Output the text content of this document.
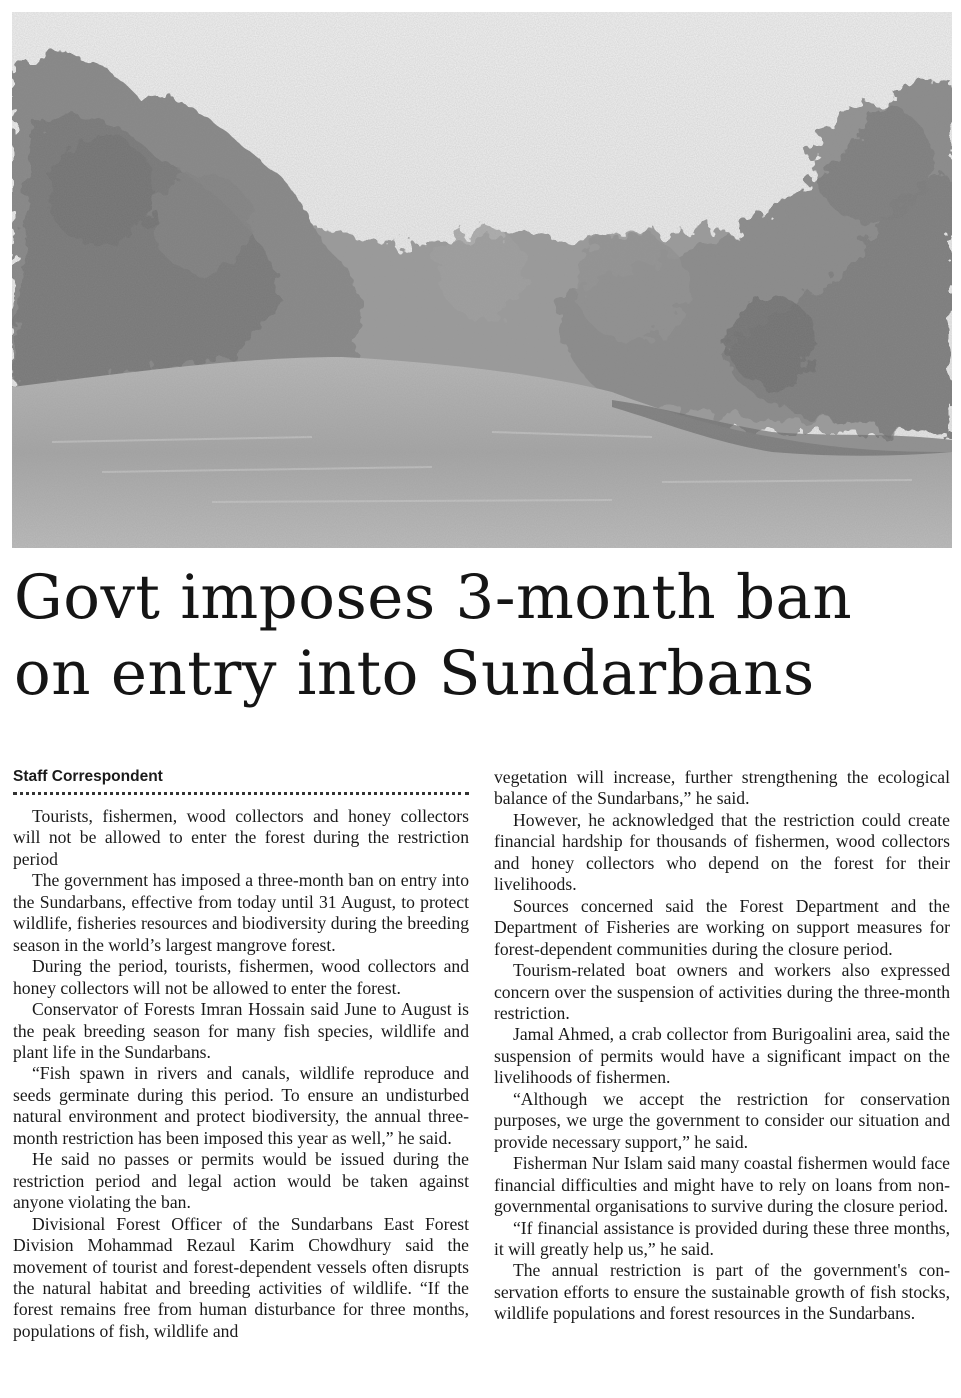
Govt imposes 3-month ban
on entry into Sundarbans
Staff Correspondent

Tourists, fishermen, wood collectors and honey collectors will not be allowed to enter the forest during the restriction period

The government has imposed a three-month ban on entry into the Sundarbans, effective from today until 31 August, to protect wildlife, fisheries resources and biodiversity during the breeding season in the world’s largest mangrove forest.

During the period, tourists, fishermen, wood collectors and honey collectors will not be allowed to enter the forest.

Conservator of Forests Imran Hossain said June to August is the peak breeding season for many fish species, wildlife and plant life in the Sundarbans.

“Fish spawn in rivers and canals, wildlife reproduce and seeds germinate during this period. To ensure an undisturbed natural environment and protect biodiversity, the annual three-month restriction has been imposed this year as well,” he said.

He said no passes or permits would be issued during the restriction period and legal action would be taken against anyone violating the ban.

Divisional Forest Officer of the Sundarbans East Forest Division Mohammad Rezaul Karim Chowdhury said the movement of tourist and forest-dependent vessels often disrupts the natural habitat and breeding activities of wildlife. “If the forest remains free from human disturbance for three months, populations of fish, wildlife and

vegetation will increase, further strengthening the ecological balance of the Sundarbans,” he said.

However, he acknowledged that the restriction could create financial hardship for thousands of fishermen, wood collectors and honey collectors who depend on the forest for their livelihoods.

Sources concerned said the Forest Department and the Department of Fisheries are working on support measures for forest-dependent communities during the closure period.

Tourism-related boat owners and workers also expressed concern over the suspension of activities during the three-month restriction.

Jamal Ahmed, a crab collector from Burigoalini area, said the suspension of permits would have a significant impact on the livelihoods of fishermen.

“Although we accept the restriction for conservation purposes, we urge the government to consider our situation and provide necessary support,” he said.

Fisherman Nur Islam said many coastal fishermen would face financial difficulties and might have to rely on loans from non-governmental organisations to survive during the closure period.

“If financial assistance is provided during these three months, it will greatly help us,” he said.

The annual restriction is part of the government's conservation efforts to ensure the sustainable growth of fish stocks, wildlife populations and forest resources in the Sundarbans.
